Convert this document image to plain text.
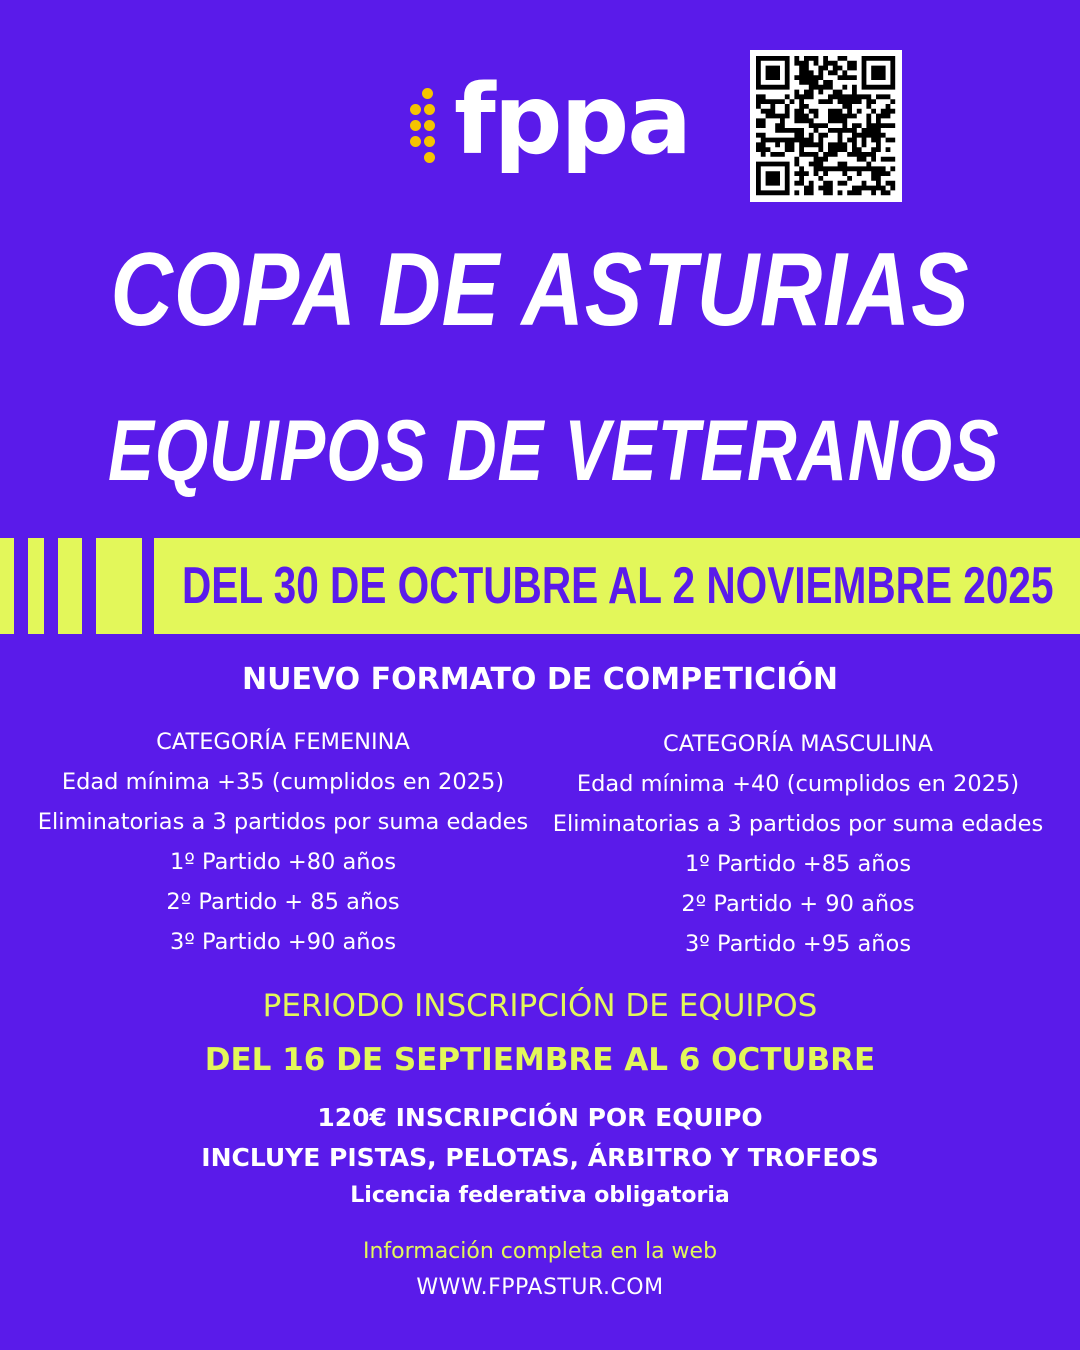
fppa
COPA DE ASTURIAS
EQUIPOS DE VETERANOS
DEL 30 DE OCTUBRE AL 2 NOVIEMBRE 2025
NUEVO FORMATO DE COMPETICIÓN
CATEGORÍA FEMENINA
Edad mínima +35 (cumplidos en 2025)
Eliminatorias a 3 partidos por suma edades
1º Partido +80 años
2º Partido + 85 años
3º Partido +90 años
CATEGORÍA MASCULINA
Edad mínima +40 (cumplidos en 2025)
Eliminatorias a 3 partidos por suma edades
1º Partido +85 años
2º Partido + 90 años
3º Partido +95 años
PERIODO INSCRIPCIÓN DE EQUIPOS
DEL 16 DE SEPTIEMBRE AL 6 OCTUBRE
120€ INSCRIPCIÓN POR EQUIPO
INCLUYE PISTAS, PELOTAS, ÁRBITRO Y TROFEOS
Licencia federativa obligatoria
Información completa en la web
WWW.FPPASTUR.COM
